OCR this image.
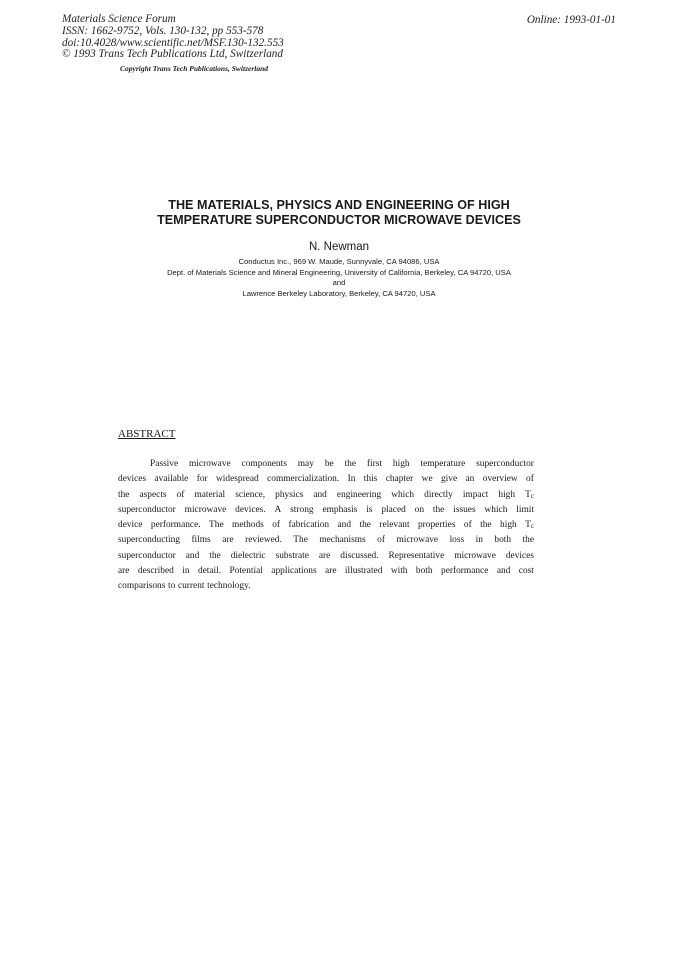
Materials Science Forum
ISSN: 1662-9752, Vols. 130-132, pp 553-578
doi:10.4028/www.scientific.net/MSF.130-132.553
© 1993 Trans Tech Publications Ltd, Switzerland
Online: 1993-01-01
Copyright Trans Tech Publications, Switzerland
THE MATERIALS, PHYSICS AND ENGINEERING OF HIGH
TEMPERATURE SUPERCONDUCTOR MICROWAVE DEVICES
N. Newman
Conductus Inc., 969 W. Maude, Sunnyvale, CA 94086, USA
Dept. of Materials Science and Mineral Engineering, University of California, Berkeley, CA 94720, USA
and
Lawrence Berkeley Laboratory, Berkeley, CA 94720, USA
ABSTRACT
Passive microwave components may be the first high temperature superconductor
devices available for widespread commercialization. In this chapter we give an overview of
the aspects of material science, physics and engineering which directly impact high $T_c$
superconductor microwave devices. A strong emphasis is placed on the issues which limit
device performance. The methods of fabrication and the relevant properties of the high $T_c$
superconducting films are reviewed. The mechanisms of microwave loss in both the
superconductor and the dielectric substrate are discussed. Representative microwave devices
are described in detail. Potential applications are illustrated with both performance and cost
comparisons to current technology.
